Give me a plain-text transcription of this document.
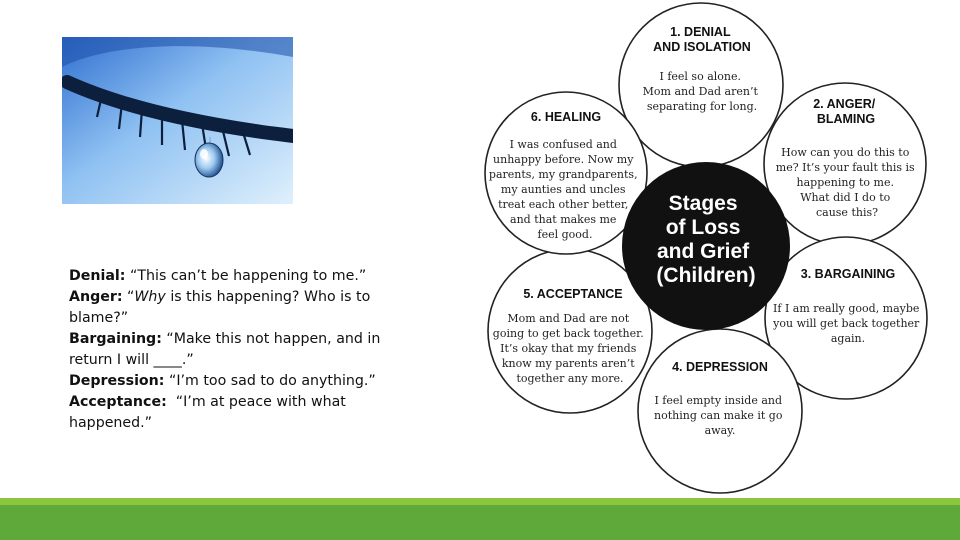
Denial: “This can’t be happening to me.”

Anger: “Why is this happening? Who is to blame?”

Bargaining: “Make this not happen, and in return I will ____.”

Depression: “I’m too sad to do anything.”

Acceptance:  “I’m at peace with what happened.”

Stages of Loss and Grief (Children)
1. DENIAL AND ISOLATION
I feel so alone. Mom and Dad aren’t separating for long.	2. ANGER/ BLAMING
How can you do this to me? It’s your fault this is happening to me. What did I do to cause this?
3. BARGAINING
If I am really good, maybe you will get back together again.
4. DEPRESSION
I feel empty inside and nothing can make it go away.
5. ACCEPTANCE
Mom and Dad are not going to get back together. It’s okay that my friends know my parents aren’t together any more.
6. HEALING
I was confused and unhappy before. Now my parents, my grandparents, my aunties and uncles treat each other better, and that makes me feel good.
